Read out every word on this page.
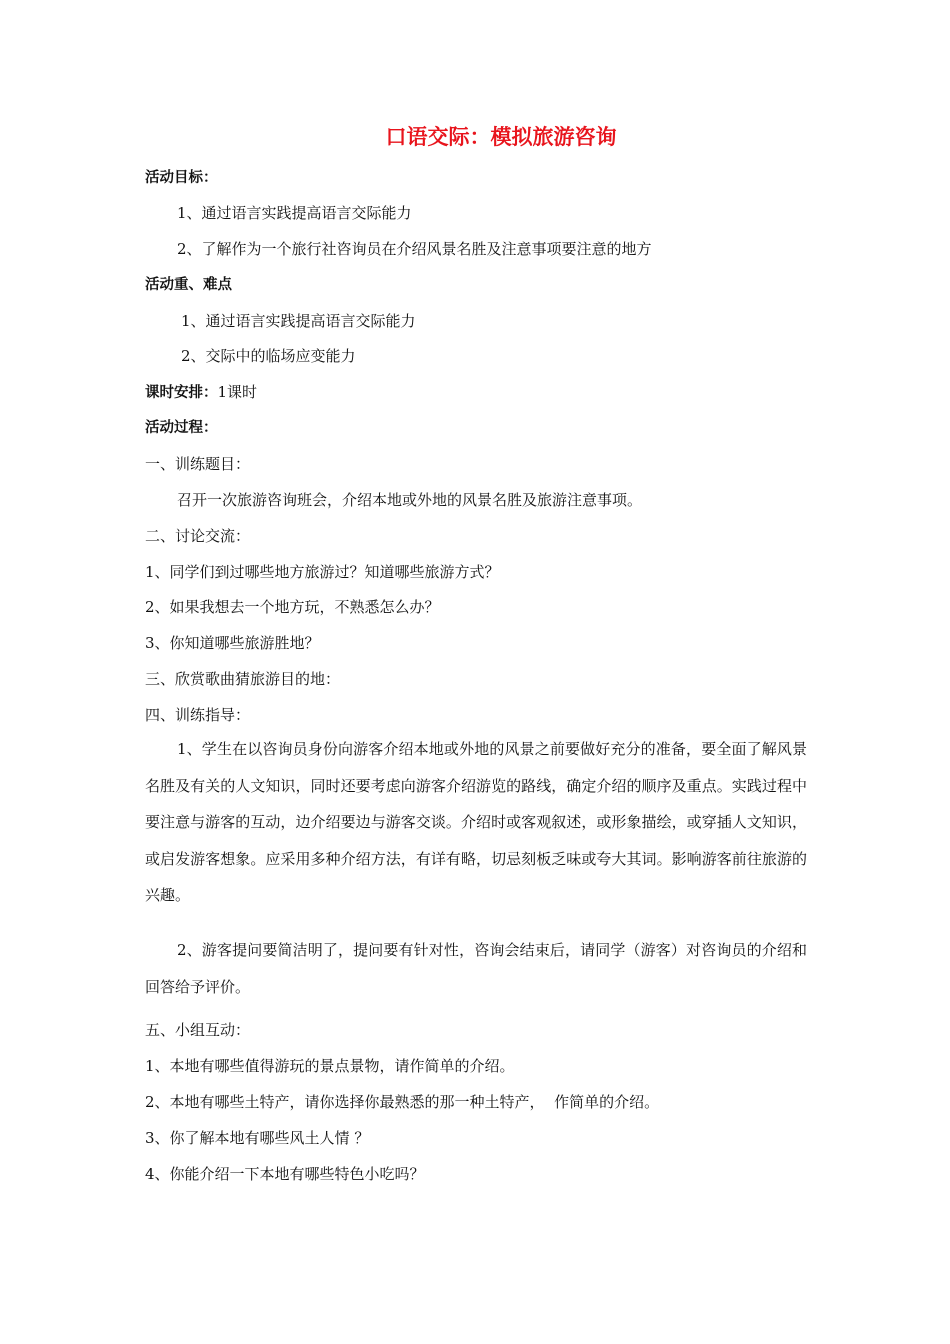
口语交际：模拟旅游咨询
活动目标：
1、通过语言实践提高语言交际能力
2、了解作为一个旅行社咨询员在介绍风景名胜及注意事项要注意的地方
活动重、难点
1、通过语言实践提高语言交际能力
2、交际中的临场应变能力
课时安排：1课时
活动过程：
一、训练题目：
召开一次旅游咨询班会，介绍本地或外地的风景名胜及旅游注意事项。
二、讨论交流：
1、同学们到过哪些地方旅游过？知道哪些旅游方式？
2、如果我想去一个地方玩，不熟悉怎么办？
3、你知道哪些旅游胜地？
三、欣赏歌曲猜旅游目的地：
四、训练指导：
1、学生在以咨询员身份向游客介绍本地或外地的风景之前要做好充分的准备，要全面了解风景名胜及有关的人文知识，同时还要考虑向游客介绍游览的路线，确定介绍的顺序及重点。实践过程中要注意与游客的互动，边介绍要边与游客交谈。介绍时或客观叙述，或形象描绘，或穿插人文知识，或启发游客想象。应采用多种介绍方法，有详有略，切忌刻板乏味或夸大其词。影响游客前往旅游的兴趣。
2、游客提问要简洁明了，提问要有针对性，咨询会结束后，请同学（游客）对咨询员的介绍和回答给予评价。
五、小组互动：
1、本地有哪些值得游玩的景点景物，请作简单的介绍。
2、本地有哪些土特产，请你选择你最熟悉的那一种土特产，  作简单的介绍。
3、你了解本地有哪些风土人情 ？
4、你能介绍一下本地有哪些特色小吃吗？
